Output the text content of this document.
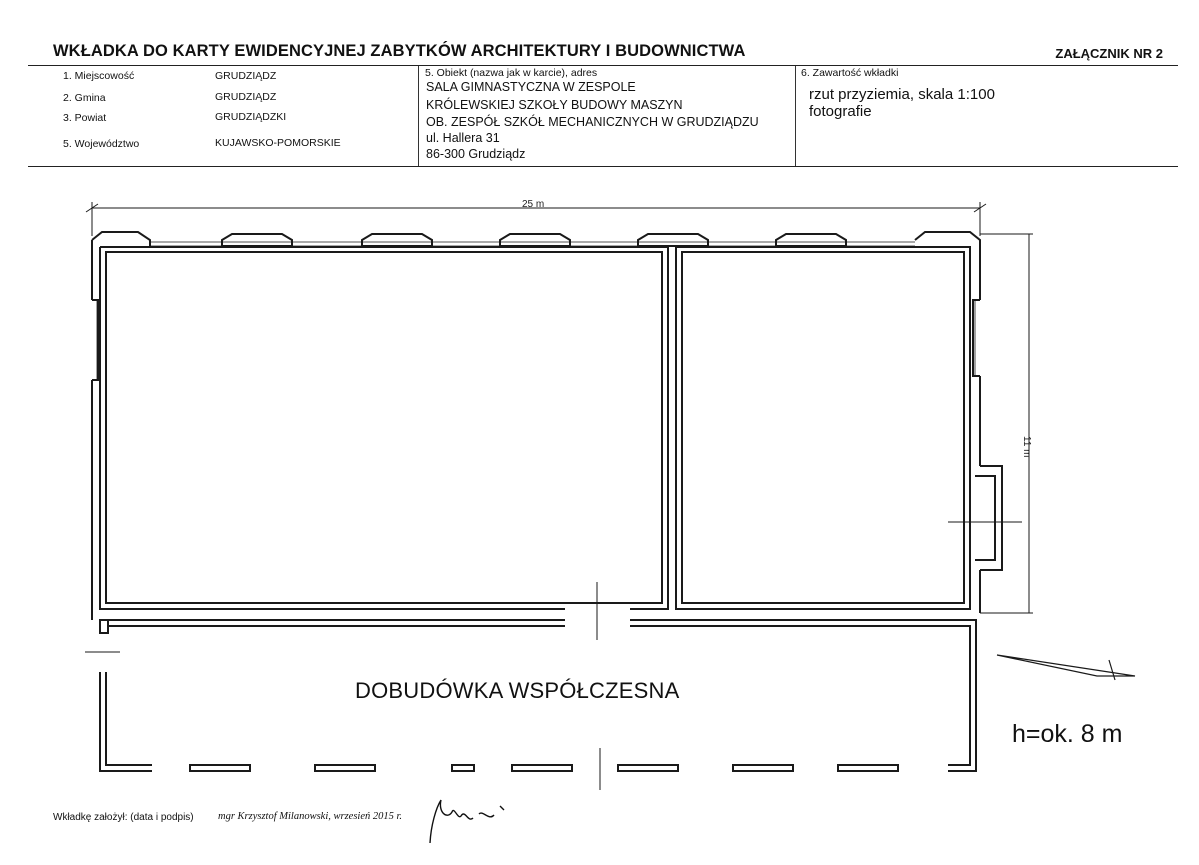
WKŁADKA DO KARTY EWIDENCYJNEJ ZABYTKÓW ARCHITEKTURY I BUDOWNICTWA	ZAŁĄCZNIK NR 2
1. Miejscowość	GRUDZIĄDZ
2. Gmina	GRUDZIĄDZ
3. Powiat	GRUDZIĄDZKI
5. Województwo	KUJAWSKO-POMORSKIE
5. Obiekt (nazwa jak w karcie), adres
SALA GIMNASTYCZNA W ZESPOLE
KRÓLEWSKIEJ SZKOŁY BUDOWY MASZYN
OB. ZESPÓŁ SZKÓŁ MECHANICZNYCH W GRUDZIĄDZU
ul. Hallera 31
86-300 Grudziądz
6. Zawartość wkładki
rzut przyziemia, skala 1:100
fotografie
25 m
11 m
DOBUDÓWKA WSPÓŁCZESNA
h=ok. 8 m
Wkładkę założył: (data i podpis) mgr Krzysztof Milanowski, wrzesień 2015 r.
